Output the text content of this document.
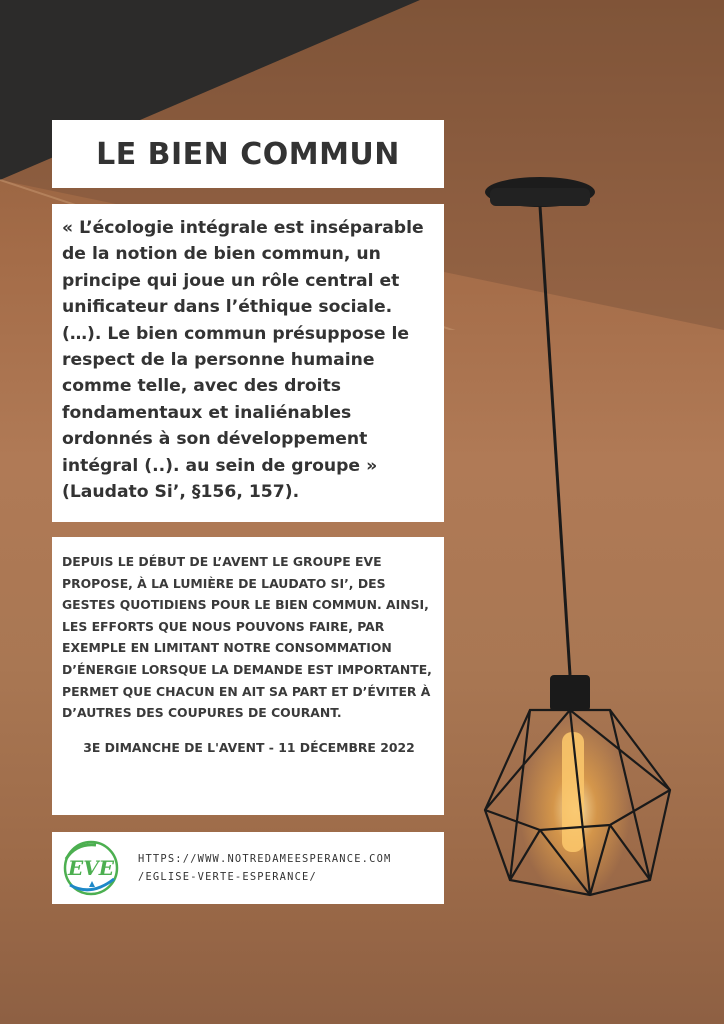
LE BIEN COMMUN
« L’écologie intégrale est inséparable de la notion de bien commun, un principe qui joue un rôle central et unificateur dans l’éthique sociale. (…). Le bien commun présuppose le respect de la personne humaine comme telle, avec des droits fondamentaux et inaliénables ordonnés à son développement intégral (..). au sein de groupe » (Laudato Si’, §156, 157).
DEPUIS LE DÉBUT DE L’AVENT LE GROUPE EVE PROPOSE, À LA LUMIÈRE DE LAUDATO SI’, DES GESTES QUOTIDIENS POUR LE BIEN COMMUN. AINSI, LES EFFORTS QUE NOUS POUVONS FAIRE, PAR EXEMPLE EN LIMITANT NOTRE CONSOMMATION D’ÉNERGIE LORSQUE LA DEMANDE EST IMPORTANTE, PERMET QUE CHACUN EN AIT SA PART ET D’ÉVITER À D’AUTRES DES COUPURES DE COURANT.
3E DIMANCHE DE L'AVENT - 11 DÉCEMBRE 2022
EVE HTTPS://WWW.NOTREDAMEESPERANCE.COM
/EGLISE-VERTE-ESPERANCE/
